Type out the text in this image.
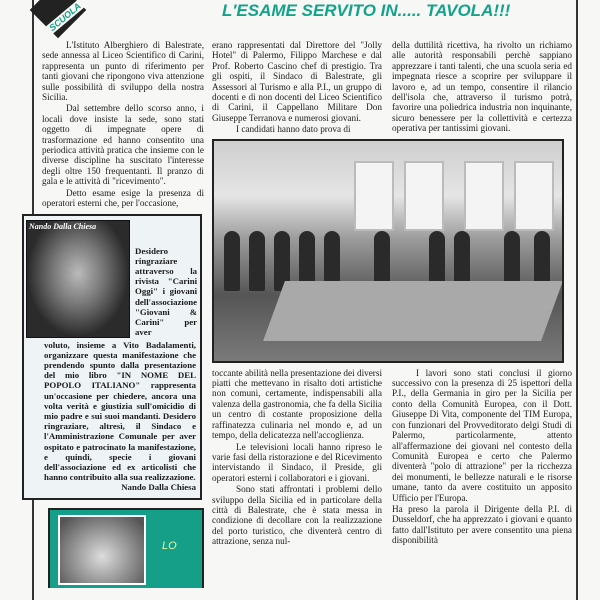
SCUOLA	L'ESAME SERVITO IN..... TAVOLA!!!

L'Istituto Alberghiero di Balestrate, sede annessa al Liceo Scientifico di Carini, rappresenta un punto di riferimento per tanti giovani che ripongono viva attenzione sulle possibilità di sviluppo della nostra Sicilia.

Dal settembre dello scorso anno, i locali dove insiste la sede, sono stati oggetto di impegnate opere di trasformazione ed hanno consentito una periodica attività pratica che insieme con le diverse discipline ha suscitato l'interesse degli oltre 150 frequentanti. Il pranzo di gala e le attività di "ricevimento".

Detto esame esige la presenza di operatori esterni che, per l'occasione,

Nando Dalla Chiesa
Desidero ringraziare attraverso la rivista "Carini Oggi" i giovani dell'associazione "Giovani & Carini" per aver
voluto, insieme a Vito Badalamenti, organizzare questa manifestazione che prendendo spunto dalla presentazione del mio libro "IN NOME DEL POPOLO ITALIANO" rappresenta un'occasione per chiedere, ancora una volta verità e giustizia sull'omicidio di mio padre e sui suoi mandanti. Desidero ringraziare, altresì, il Sindaco e l'Amministrazione Comunale per aver ospitato e patrocinato la manifestazione, e quindi, specie i giovani dell'associazione ed ex articolisti che hanno contribuito alla sua realizzazione.
Nando Dalla Chiesa
LO

erano rappresentati dal Direttore del "Jolly Hotel" di Palermo, Filippo Marchese e dal Prof. Roberto Cascino chef di prestigio. Tra gli ospiti, il Sindaco di Balestrate, gli Assessori al Turismo e alla P.I., un gruppo di docenti e di non docenti del Liceo Scientifico di Carini, il Cappellano Militare Don Giuseppe Terranova e numerosi giovani.

I candidati hanno dato prova di

della duttilità ricettiva, ha rivolto un richiamo alle autorità responsabili perchè sappiano apprezzare i tanti talenti, che una scuola seria ed impegnata riesce a scoprire per sviluppare il lavoro e, ad un tempo, consentire il rilancio dell'isola che, attraverso il turismo potrà, favorire una poliedrica industria non inquinante, sicuro benessere per la collettività e certezza operativa per tantissimi giovani.

toccante abilità nella presentazione dei diversi piatti che mettevano in risalto doti artistiche non comuni, certamente, indispensabili alla valenza della gastronomia, che fa della Sicilia un centro di costante proposizione della raffinatezza culinaria nel mondo e, ad un tempo, della delicatezza nell'accoglienza.

Le televisioni locali hanno ripreso le varie fasi della ristorazione e del Ricevimento intervistando il Sindaco, il Preside, gli operatori esterni i collaboratori e i giovani.

Sono stati affrontati i problemi dello sviluppo della Sicilia ed in particolare della città di Balestrate, che è stata messa in condizione di decollare con la realizzazione del porto turistico, che diventerà centro di attrazione, senza nul-

I lavori sono stati conclusi il giorno successivo con la presenza di 25 ispettori della P.I., della Germania in giro per la Sicilia per conto della Comunità Europea, con il Dott. Giuseppe Di Vita, componente del TIM Europa, con funzionari del Provveditorato delgi Studi di Palermo, particolarmente, attento all'affermazione dei giovani nel contesto della Comunità Europea e certo che Palermo diventerà "polo di attrazione" per la ricchezza dei monumenti, le bellezze naturali e le risorse umane, tanto da avere costituito un apposito Ufficio per l'Europa.

Ha preso la parola il Dirigente della P.I. di Dusseldorf, che ha apprezzato i giovani e quanto fatto dall'Istituto per avere consentito una piena disponibilità
